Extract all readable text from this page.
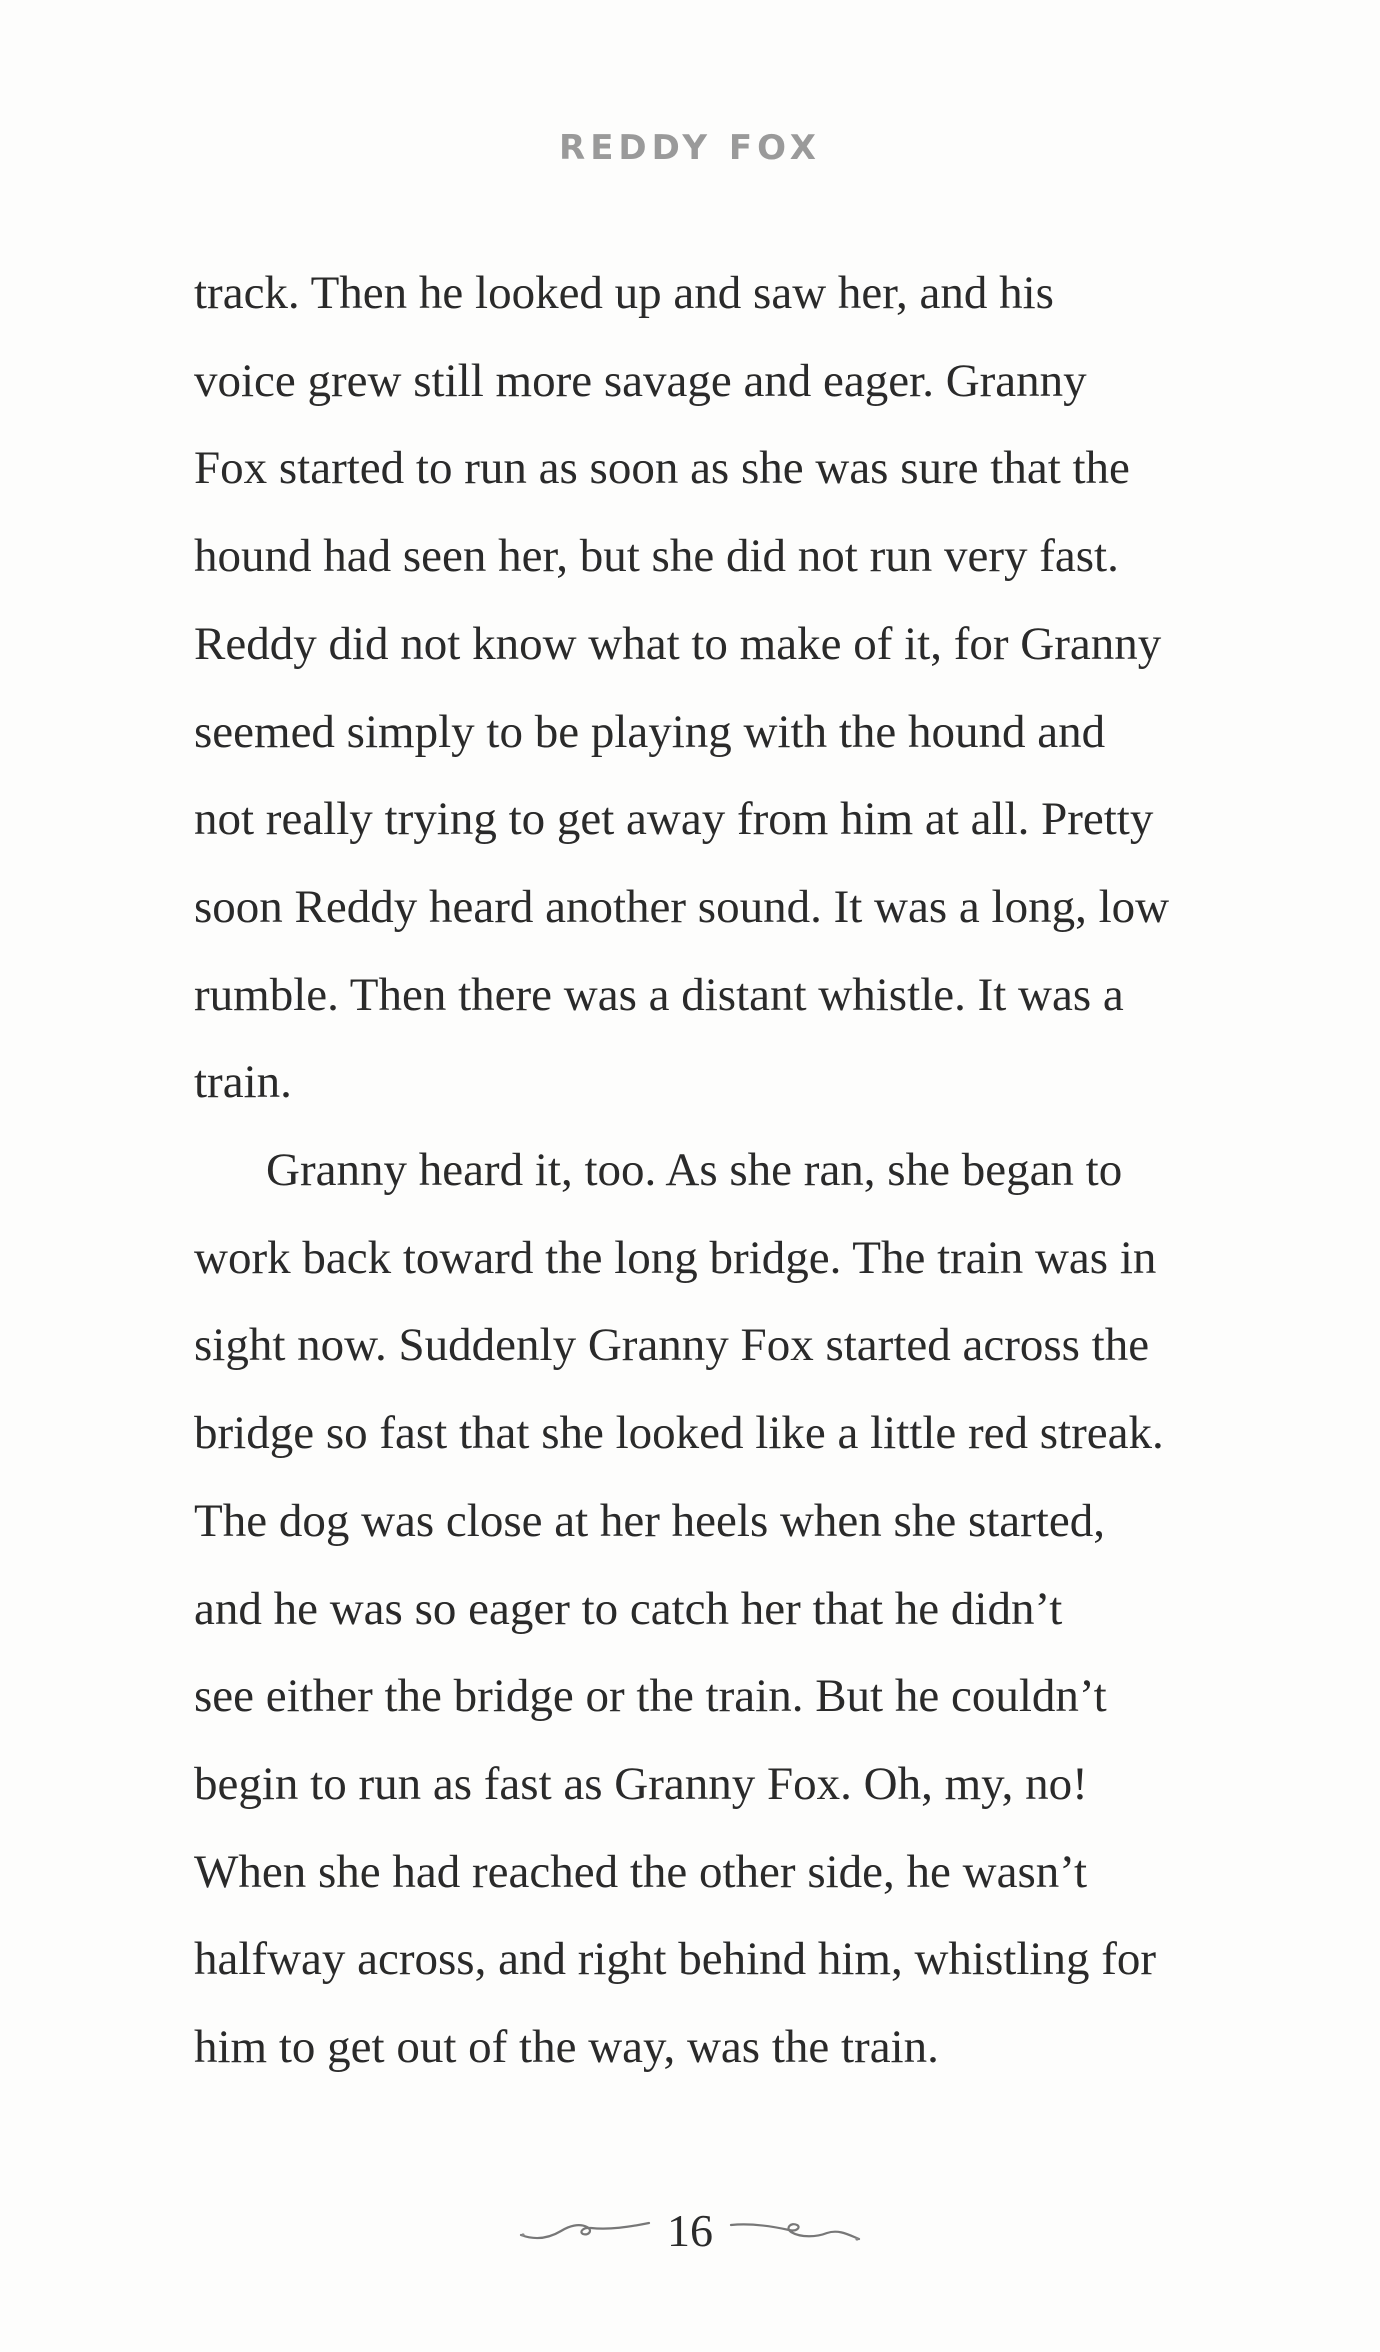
REDDY FOX
track. Then he looked up and saw her, and his
voice grew still more savage and eager. Granny
Fox started to run as soon as she was sure that the
hound had seen her, but she did not run very fast.
Reddy did not know what to make of it, for Granny
seemed simply to be playing with the hound and
not really trying to get away from him at all. Pretty
soon Reddy heard another sound. It was a long, low
rumble. Then there was a distant whistle. It was a
train.
Granny heard it, too. As she ran, she began to
work back toward the long bridge. The train was in
sight now. Suddenly Granny Fox started across the
bridge so fast that she looked like a little red streak.
The dog was close at her heels when she started,
and he was so eager to catch her that he didn’t
see either the bridge or the train. But he couldn’t
begin to run as fast as Granny Fox. Oh, my, no!
When she had reached the other side, he wasn’t
halfway across, and right behind him, whistling for
him to get out of the way, was the train.
16
